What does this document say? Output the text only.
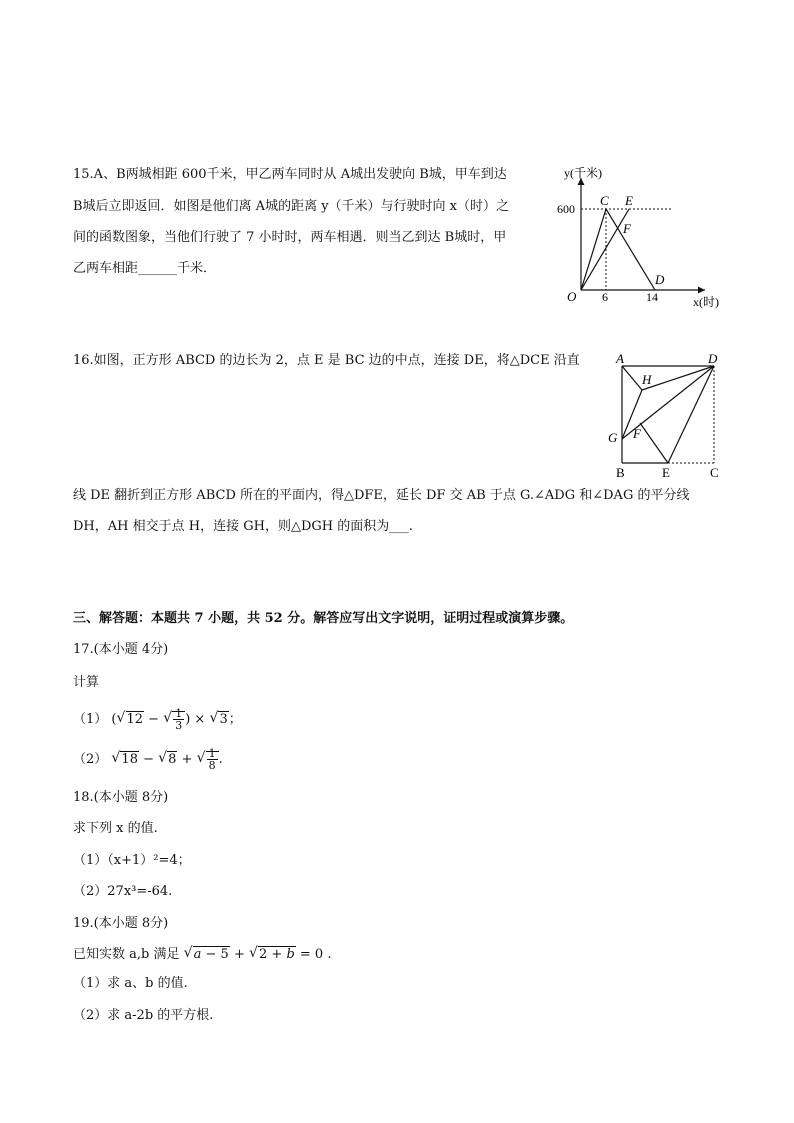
15.A、B两城相距 600千米，甲乙两车同时从 A城出发驶向 B城，甲车到达
B城后立即返回．如图是他们离 A城的距离 y（千米）与行驶时向 x（时）之
间的函数图象，当他们行驶了 7 小时时，两车相遇．则当乙到达 B城时，甲
乙两车相距______千米．
y(千米)
x(时)
600
6	14
O
C E
F
D
16.如图，正方形 ABCD 的边长为 2，点 E 是 BC 边的中点，连接 DE，将△DCE 沿直
线 DE 翻折到正方形 ABCD 所在的平面内，得△DFE，延长 DF 交 AB 于点 G.∠ADG 和∠DAG 的平分线
DH，AH 相交于点 H，连接 GH，则△DGH 的面积为___.
A	D
H
G F
B	E	C
三、解答题：本题共 7 小题，共 52 分。解答应写出文字说明，证明过程或演算步骤。
17.(本小题 4分)
计算
（1） ( √ 12 − √ $\frac{1}{3}$ ) × √ 3；
（2） √ 18 − √ 8 + √ $\frac{1}{8}$ .
18.(本小题 8分)
求下列 x 的值.
（1）（x+1）²=4；
（2）27x³=-64.
19.(本小题 8分)
已知实数 a,b 满足 √ a − 5 + √ 2 + b = 0 .
（1）求 a、b 的值.
（2）求 a-2b 的平方根.
